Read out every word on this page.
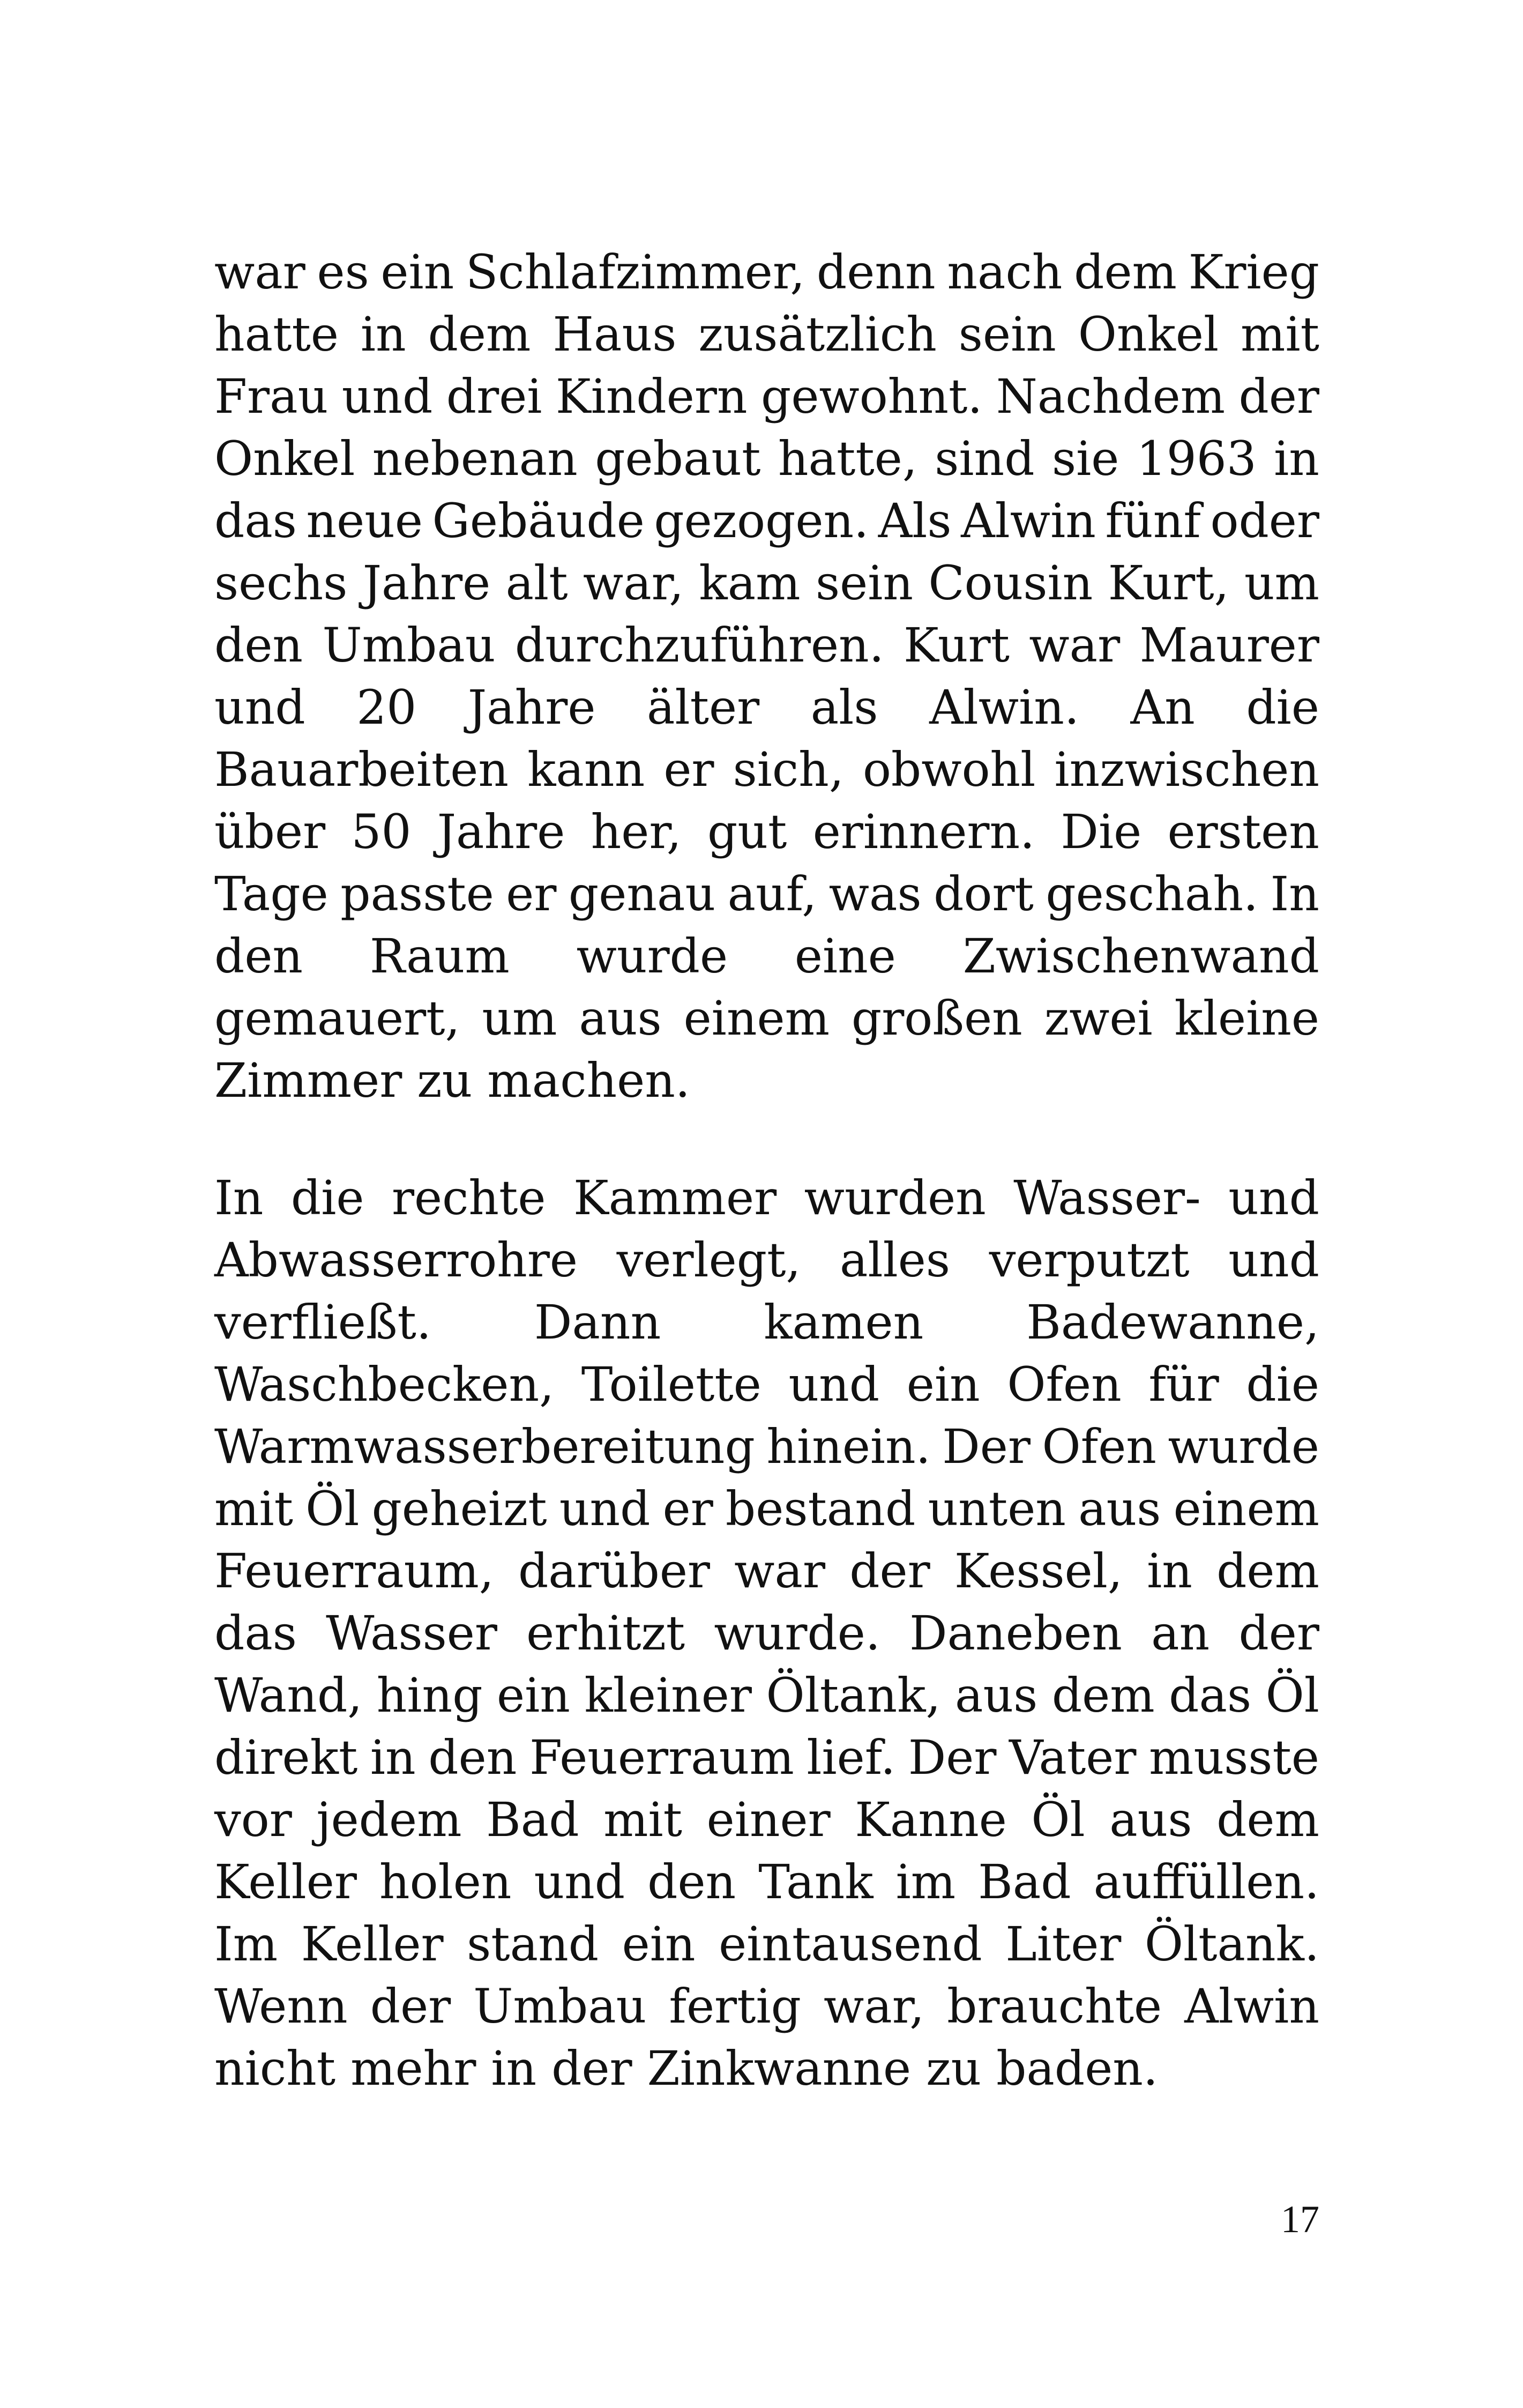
war es ein Schlafzimmer, denn nach dem Krieg
hatte in dem Haus zusätzlich sein Onkel mit
Frau und drei Kindern gewohnt. Nachdem der
Onkel nebenan gebaut hatte, sind sie 1963 in
das neue Gebäude gezogen. Als Alwin fünf oder
sechs Jahre alt war, kam sein Cousin Kurt, um
den Umbau durchzuführen. Kurt war Maurer
und 20 Jahre älter als Alwin. An die
Bauarbeiten kann er sich, obwohl inzwischen
über 50 Jahre her, gut erinnern. Die ersten
Tage passte er genau auf, was dort geschah. In
den Raum wurde eine Zwischenwand
gemauert, um aus einem großen zwei kleine
Zimmer zu machen.
In die rechte Kammer wurden Wasser- und
Abwasserrohre verlegt, alles verputzt und
verfließt. Dann kamen Badewanne,
Waschbecken, Toilette und ein Ofen für die
Warmwasserbereitung hinein. Der Ofen wurde
mit Öl geheizt und er bestand unten aus einem
Feuerraum, darüber war der Kessel, in dem
das Wasser erhitzt wurde. Daneben an der
Wand, hing ein kleiner Öltank, aus dem das Öl
direkt in den Feuerraum lief. Der Vater musste
vor jedem Bad mit einer Kanne Öl aus dem
Keller holen und den Tank im Bad auffüllen.
Im Keller stand ein eintausend Liter Öltank.
Wenn der Umbau fertig war, brauchte Alwin
nicht mehr in der Zinkwanne zu baden.
17
